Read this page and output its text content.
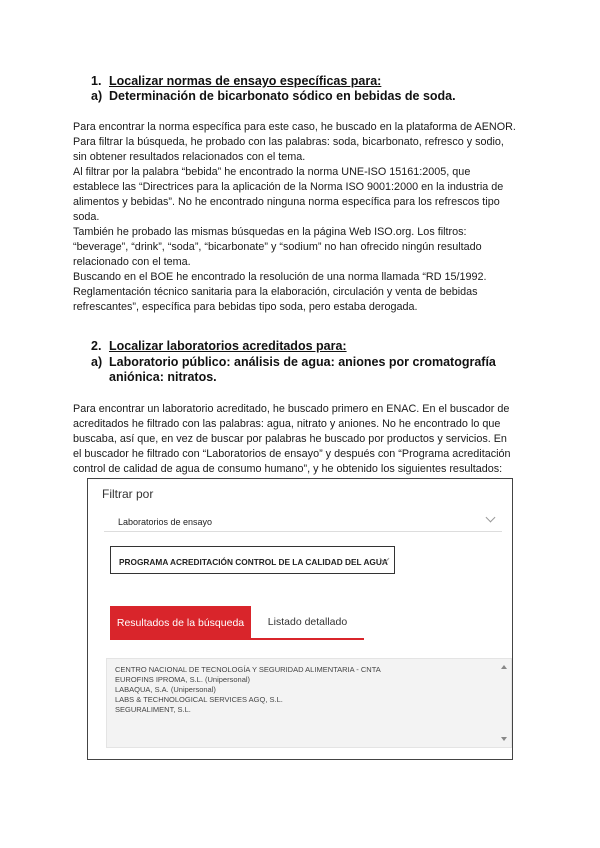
1. Localizar normas de ensayo específicas para:
a) Determinación de bicarbonato sódico en bebidas de soda.

Para encontrar la norma específica para este caso, he buscado en la plataforma de AENOR. Para filtrar la búsqueda, he probado con las palabras: soda, bicarbonato, refresco y sodio, sin obtener resultados relacionados con el tema.

Al filtrar por la palabra “bebida” he encontrado la norma UNE-ISO 15161:2005, que establece las “Directrices para la aplicación de la Norma ISO 9001:2000 en la industria de alimentos y bebidas”. No he encontrado ninguna norma específica para los refrescos tipo soda.

También he probado las mismas búsquedas en la página Web ISO.org. Los filtros: “beverage”, “drink”, “soda”, “bicarbonate” y “sodium” no han ofrecido ningún resultado relacionado con el tema.

Buscando en el BOE he encontrado la resolución de una norma llamada “RD 15/1992. Reglamentación técnico sanitaria para la elaboración, circulación y venta de bebidas refrescantes”, específica para bebidas tipo soda, pero estaba derogada.

2. Localizar laboratorios acreditados para:
a) Laboratorio público: análisis de agua: aniones por cromatografía aniónica: nitratos.

Para encontrar un laboratorio acreditado, he buscado primero en ENAC. En el buscador de acreditados he filtrado con las palabras: agua, nitrato y aniones. No he encontrado lo que buscaba, así que, en vez de buscar por palabras he buscado por productos y servicios. En el buscador he filtrado con “Laboratorios de ensayo” y después con “Programa acreditación control de calidad de agua de consumo humano”, y he obtenido los siguientes resultados:

Filtrar por
Laboratorios de ensayo
PROGRAMA ACREDITACIÓN CONTROL DE LA CALIDAD DEL AGUA
Resultados de la búsqueda	Listado detallado
CENTRO NACIONAL DE TECNOLOGÍA Y SEGURIDAD ALIMENTARIA - CNTA
EUROFINS IPROMA, S.L. (Unipersonal)
LABAQUA, S.A. (Unipersonal)
LABS & TECHNOLOGICAL SERVICES AGQ, S.L.
SEGURALIMENT, S.L.
